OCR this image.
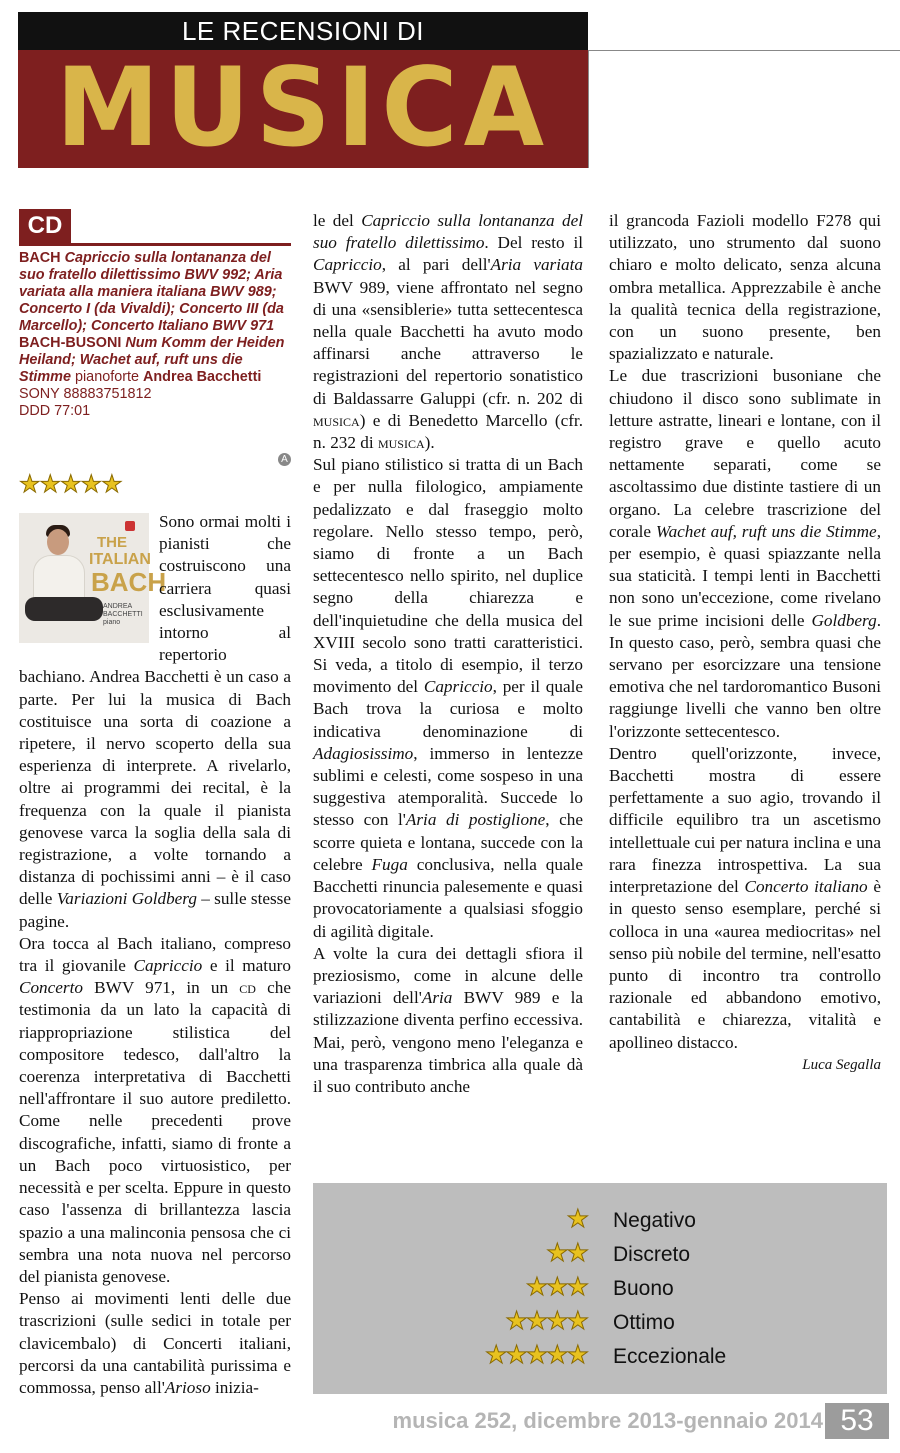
LE RECENSIONI DI
MUSICA
CD
BACH Capriccio sulla lontananza del suo fratello dilettissimo BWV 992; Aria variata alla maniera italiana BWV 989; Concerto I (da Vivaldi); Concerto III (da Marcello); Concerto Italiano BWV 971
BACH-BUSONI Num Komm der Heiden Heiland; Wachet auf, ruft uns die Stimme pianoforte Andrea Bacchetti
SONY 88883751812
DDD 77:01
A
★★★★★
THE
ITALIAN
BACH
ANDREA BACCHETTI piano

Sono ormai molti i pianisti che costruiscono una carriera quasi esclusivamente intorno al repertorio bachiano. Andrea Bacchetti è un caso a parte. Per lui la musica di Bach costituisce una sorta di coazione a ripetere, il nervo scoperto della sua esperienza di interprete. A rivelarlo, oltre ai programmi dei recital, è la frequenza con la quale il pianista genovese varca la soglia della sala di registrazione, a volte tornando a distanza di pochissimi anni – è il caso delle Variazioni Goldberg – sulle stesse pagine.

Ora tocca al Bach italiano, compreso tra il giovanile Capriccio e il maturo Concerto BWV 971, in un cd che testimonia da un lato la capacità di riappropriazione stilistica del compositore tedesco, dall'altro la coerenza interpretativa di Bacchetti nell'affrontare il suo autore prediletto. Come nelle precedenti prove discografiche, infatti, siamo di fronte a un Bach poco virtuosistico, per necessità e per scelta. Eppure in questo caso l'assenza di brillantezza lascia spazio a una malinconia pensosa che ci sembra una nota nuova nel percorso del pianista genovese.

Penso ai movimenti lenti delle due trascrizioni (sulle sedici in totale per clavicembalo) di Concerti italiani, percorsi da una cantabilità purissima e commossa, penso all'Arioso inizia-

le del Capriccio sulla lontananza del suo fratello dilettissimo. Del resto il Capriccio, al pari dell'Aria variata BWV 989, viene affrontato nel segno di una «sensiblerie» tutta settecentesca nella quale Bacchetti ha avuto modo affinarsi anche attraverso le registrazioni del repertorio sonatistico di Baldassarre Galuppi (cfr. n. 202 di musica) e di Benedetto Marcello (cfr. n. 232 di musica).

Sul piano stilistico si tratta di un Bach e per nulla filologico, ampiamente pedalizzato e dal fraseggio molto regolare. Nello stesso tempo, però, siamo di fronte a un Bach settecentesco nello spirito, nel duplice segno della chiarezza e dell'inquietudine che della musica del XVIII secolo sono tratti caratteristici. Si veda, a titolo di esempio, il terzo movimento del Capriccio, per il quale Bach trova la curiosa e molto indicativa denominazione di Adagiosissimo, immerso in lentezze sublimi e celesti, come sospeso in una suggestiva atemporalità. Succede lo stesso con l'Aria di postiglione, che scorre quieta e lontana, succede con la celebre Fuga conclusiva, nella quale Bacchetti rinuncia palesemente e quasi provocatoriamente a qualsiasi sfoggio di agilità digitale.

A volte la cura dei dettagli sfiora il preziosismo, come in alcune delle variazioni dell'Aria BWV 989 e la stilizzazione diventa perfino eccessiva. Mai, però, vengono meno l'eleganza e una trasparenza timbrica alla quale dà il suo contributo anche

il grancoda Fazioli modello F278 qui utilizzato, uno strumento dal suono chiaro e molto delicato, senza alcuna ombra metallica. Apprezzabile è anche la qualità tecnica della registrazione, con un suono presente, ben spazializzato e naturale.

Le due trascrizioni busoniane che chiudono il disco sono sublimate in letture astratte, lineari e lontane, con il registro grave e quello acuto nettamente separati, come se ascoltassimo due distinte tastiere di un organo. La celebre trascrizione del corale Wachet auf, ruft uns die Stimme, per esempio, è quasi spiazzante nella sua staticità. I tempi lenti in Bacchetti non sono un'eccezione, come rivelano le sue prime incisioni delle Goldberg. In questo caso, però, sembra quasi che servano per esorcizzare una tensione emotiva che nel tardoromantico Busoni raggiunge livelli che vanno ben oltre l'orizzonte settecentesco.

Dentro quell'orizzonte, invece, Bacchetti mostra di essere perfettamente a suo agio, trovando il difficile equilibro tra un ascetismo intellettuale cui per natura inclina e una rara finezza introspettiva. La sua interpretazione del Concerto italiano è in questo senso esemplare, perché si colloca in una «aurea mediocritas» nel senso più nobile del termine, nell'esatto punto di incontro tra controllo razionale ed abbandono emotivo, cantabilità e chiarezza, vitalità e apollineo distacco.

Luca Segalla

★ Negativo
★★ Discreto
★★★ Buono
★★★★ Ottimo
★★★★★ Eccezionale
musica 252, dicembre 2013-gennaio 2014 53
